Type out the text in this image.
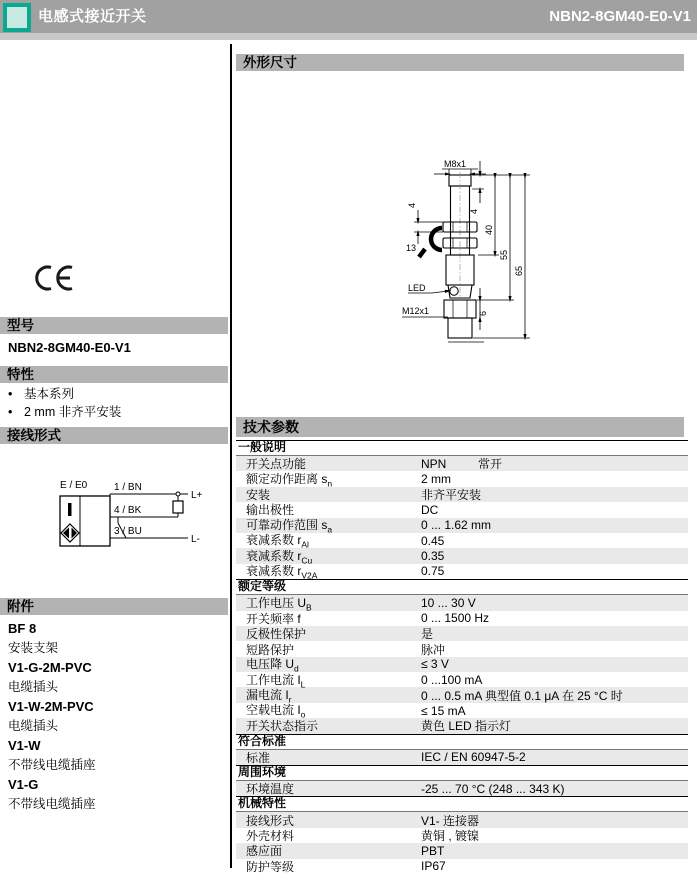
电感式接近开关	NBN2-8GM40-E0-V1
型号
NBN2-8GM40-E0-V1
特性
• 基本系列
• 2 mm 非齐平安装
接线形式
E / E0	1 / BN
L+
4 / BK
3 / BU
L-
附件
BF 8
安装支架
V1-G-2M-PVC
电缆插头
V1-W-2M-PVC
电缆插头
V1-W
不带线电缆插座
V1-G
不带线电缆插座
外形尺寸
M8x1
4
13
LED
M12x1
4
40
55
65
6
技术参数
一般说明
开关点功能	NPN	常开
额定动作距离 $s_n$	2 mm
安装	非齐平安装
输出极性	DC
可靠动作范围 $s_a$	0 ... 1.62 mm
衰减系数 $r_{Al}$	0.45
衰减系数 $r_{Cu}$	0.35
衰减系数 $r_{V2A}$	0.75
额定等级
工作电压 $U_B$	10 ... 30 V
开关频率 f	0 ... 1500 Hz
反极性保护	是
短路保护	脉冲
电压降 $U_d$	≤ 3 V
工作电流 $I_L$	0 ...100 mA
漏电流 $I_r$	0 ... 0.5 mA 典型值 0.1 μA 在 25 °C 时
空载电流 $I_o$	≤ 15 mA
开关状态指示	黄色 LED 指示灯
符合标准
标准	IEC / EN 60947-5-2
周围环境
环境温度	-25 ... 70 °C (248 ... 343 K)
机械特性
接线形式	V1- 连接器
外壳材料	黄铜 , 镀镍
感应面	PBT
防护等级	IP67
